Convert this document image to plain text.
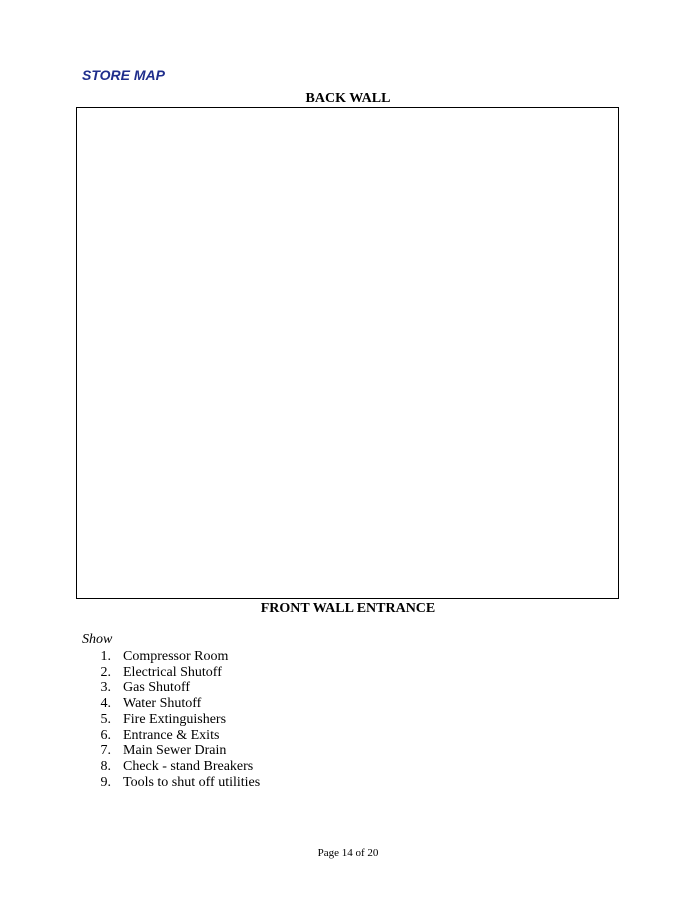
STORE MAP
BACK WALL
FRONT WALL ENTRANCE
Show
1. Compressor Room
2. Electrical Shutoff
3. Gas Shutoff
4. Water Shutoff
5. Fire Extinguishers
6. Entrance & Exits
7. Main Sewer Drain
8. Check - stand Breakers
9. Tools to shut off utilities
Page 14 of 20
